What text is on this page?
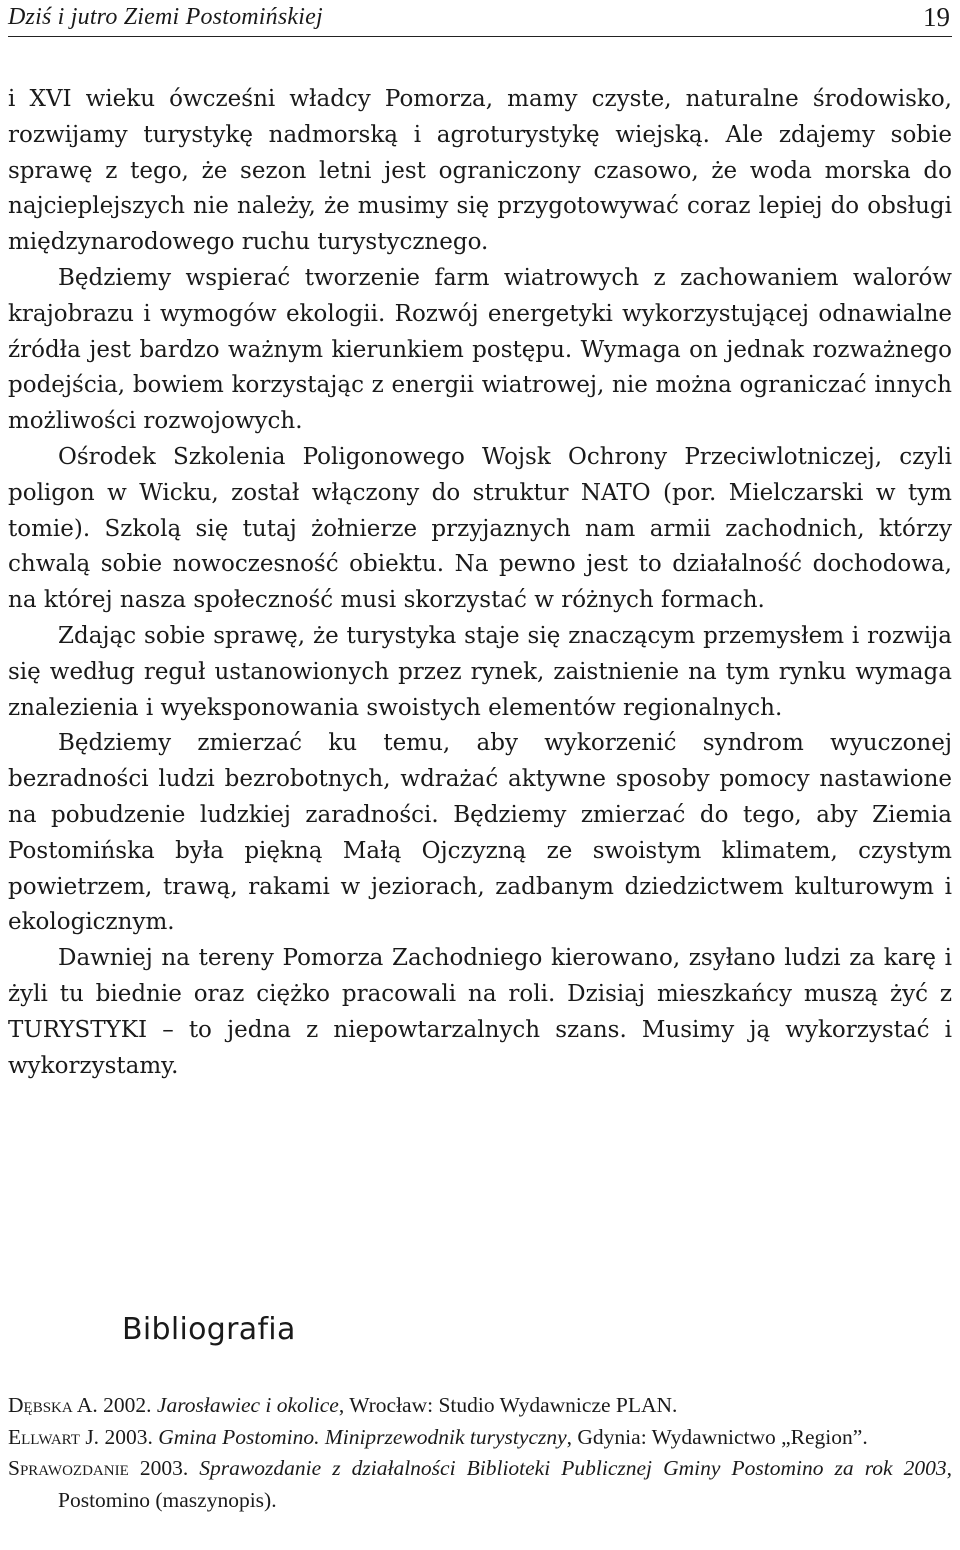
Dziś i jutro Ziemi Postomińskiej	19

i XVI wieku ówcześni władcy Pomorza, mamy czyste, naturalne środowisko, rozwijamy turystykę nadmorską i agroturystykę wiejską. Ale zdajemy sobie sprawę z tego, że sezon letni jest ograniczony czasowo, że woda morska do najcieplejszych nie należy, że musimy się przygotowywać coraz lepiej do obsługi międzynarodowego ruchu turystycznego.

Będziemy wspierać tworzenie farm wiatrowych z zachowaniem walorów krajobrazu i wymogów ekologii. Rozwój energetyki wykorzystującej odnawialne źródła jest bardzo ważnym kierunkiem postępu. Wymaga on jednak rozważnego podejścia, bowiem korzystając z energii wiatrowej, nie można ograniczać innych możliwości rozwojowych.

Ośrodek Szkolenia Poligonowego Wojsk Ochrony Przeciwlotniczej, czyli poligon w Wicku, został włączony do struktur NATO (por. Mielczarski w tym tomie). Szkolą się tutaj żołnierze przyjaznych nam armii zachodnich, którzy chwalą sobie nowoczesność obiektu. Na pewno jest to działalność dochodowa, na której nasza społeczność musi skorzystać w różnych formach.

Zdając sobie sprawę, że turystyka staje się znaczącym przemysłem i rozwija się według reguł ustanowionych przez rynek, zaistnienie na tym rynku wymaga znalezienia i wyeksponowania swoistych elementów regionalnych.

Będziemy zmierzać ku temu, aby wykorzenić syndrom wyuczonej bezradności ludzi bezrobotnych, wdrażać aktywne sposoby pomocy nastawione na pobudzenie ludzkiej zaradności. Będziemy zmierzać do tego, aby Ziemia Postomińska była piękną Małą Ojczyzną ze swoistym klimatem, czystym powietrzem, trawą, rakami w jeziorach, zadbanym dziedzictwem kulturowym i ekologicznym.

Dawniej na tereny Pomorza Zachodniego kierowano, zsyłano ludzi za karę i żyli tu biednie oraz ciężko pracowali na roli. Dzisiaj mieszkańcy muszą żyć z TURYSTYKI – to jedna z niepowtarzalnych szans. Musimy ją wykorzystać i wykorzystamy.

Bibliografia
Dębska A. 2002. Jarosławiec i okolice, Wrocław: Studio Wydawnicze PLAN.
Ellwart J. 2003. Gmina Postomino. Miniprzewodnik turystyczny, Gdynia: Wydawnictwo „Region”.
Sprawozdanie 2003. Sprawozdanie z działalności Biblioteki Publicznej Gminy Postomino za rok 2003, Postomino (maszynopis).
